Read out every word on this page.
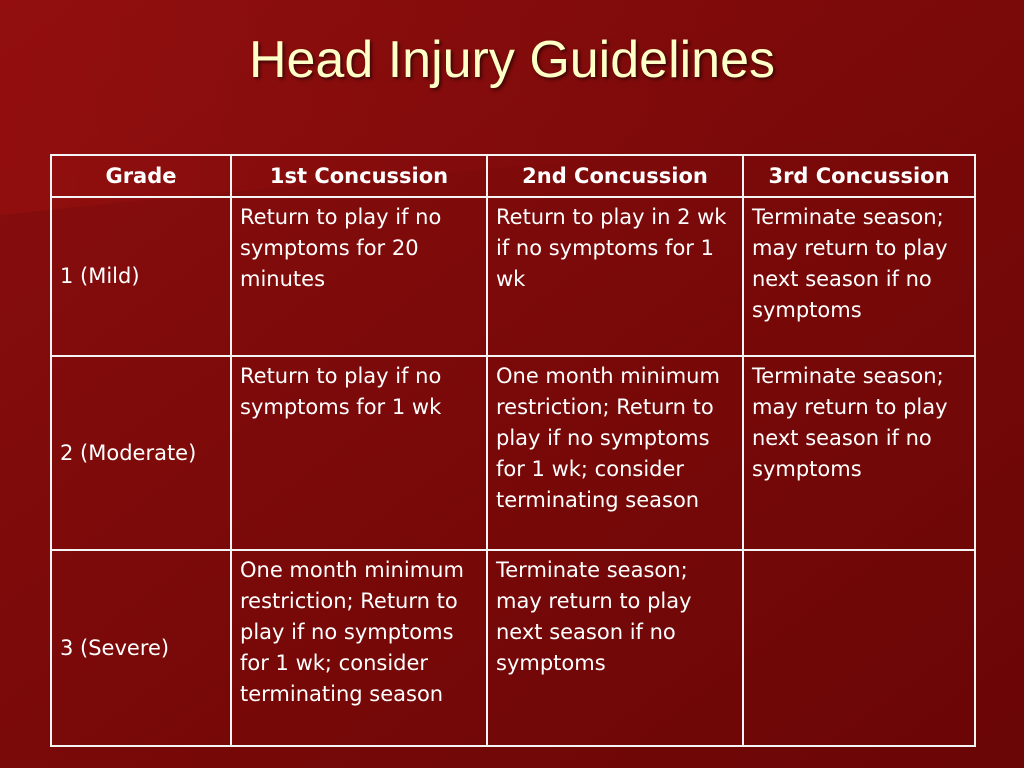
Head Injury Guidelines
Grade	1st Concussion	2nd Concussion	3rd Concussion
1 (Mild)	Return to play if no symptoms for 20 minutes	Return to play in 2 wk if no symptoms for 1 wk	Terminate season; may return to play next season if no symptoms
2 (Moderate)	Return to play if no symptoms for 1 wk	One month minimum restriction; Return to play if no symptoms for 1 wk; consider terminating season	Terminate season; may return to play next season if no symptoms
3 (Severe)	One month minimum restriction; Return to play if no symptoms for 1 wk; consider terminating season	Terminate season; may return to play next season if no symptoms	
